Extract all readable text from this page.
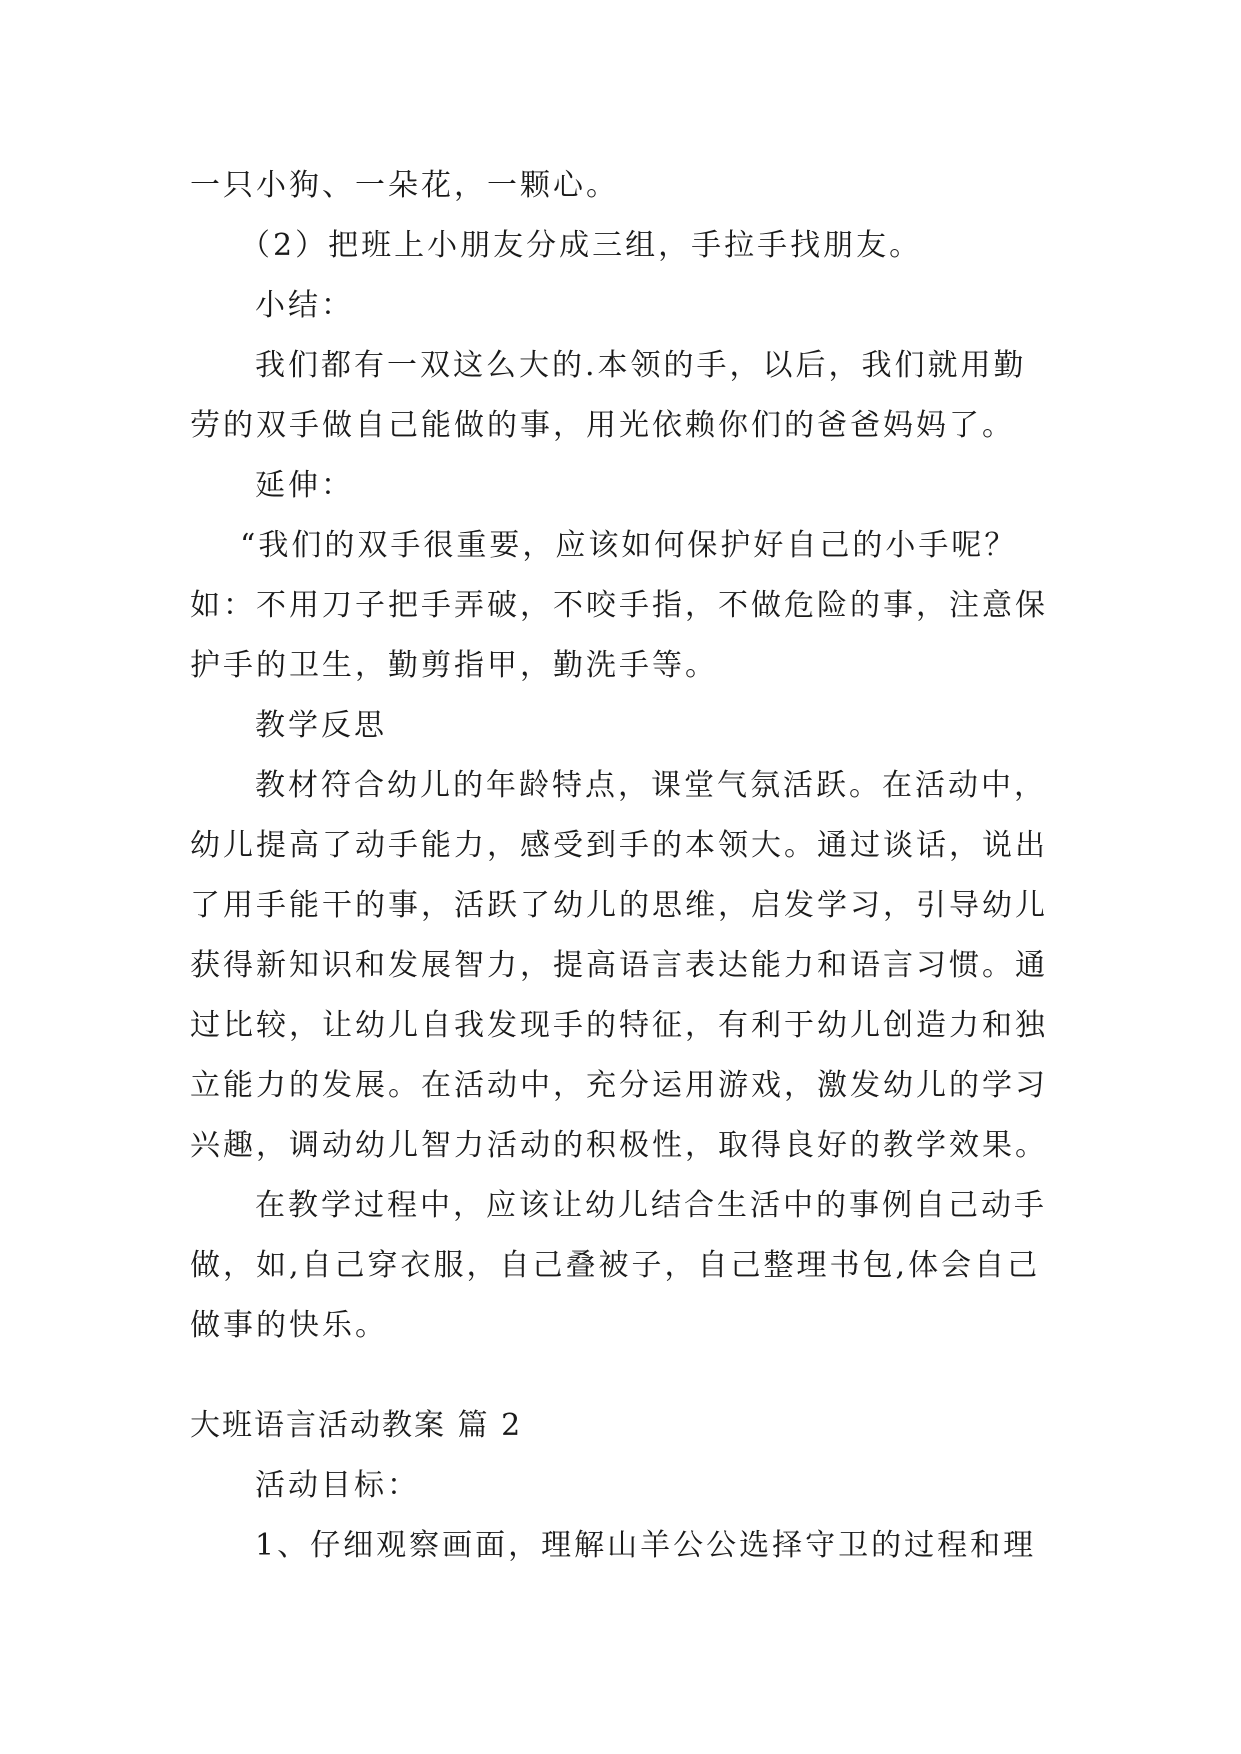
一只小狗、一朵花，一颗心。
（2）把班上小朋友分成三组，手拉手找朋友。
小结：
我们都有一双这么大的.本领的手，以后，我们就用勤
劳的双手做自己能做的事，用光依赖你们的爸爸妈妈了。
延伸：
“我们的双手很重要，应该如何保护好自己的小手呢？
如：不用刀子把手弄破，不咬手指，不做危险的事，注意保
护手的卫生，勤剪指甲，勤洗手等。
教学反思
教材符合幼儿的年龄特点，课堂气氛活跃。在活动中，
幼儿提高了动手能力，感受到手的本领大。通过谈话，说出
了用手能干的事，活跃了幼儿的思维，启发学习，引导幼儿
获得新知识和发展智力，提高语言表达能力和语言习惯。通
过比较，让幼儿自我发现手的特征，有利于幼儿创造力和独
立能力的发展。在活动中，充分运用游戏，激发幼儿的学习
兴趣，调动幼儿智力活动的积极性，取得良好的教学效果。
在教学过程中，应该让幼儿结合生活中的事例自己动手
做，如,自己穿衣服，自己叠被子，自己整理书包,体会自己
做事的快乐。
大班语言活动教案 篇 2
活动目标：
1、仔细观察画面，理解山羊公公选择守卫的过程和理
